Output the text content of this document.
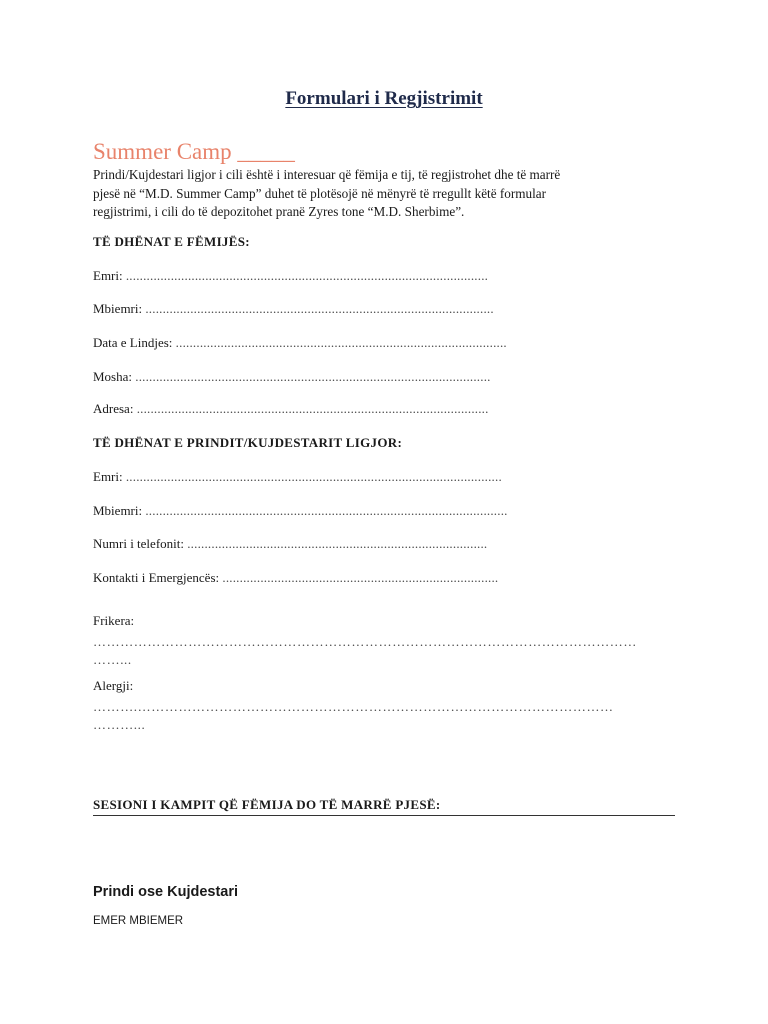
Formulari i Regjistrimit
Summer Camp _____
Prindi/Kujdestari ligjor i cili është i interesuar që fëmija e tij, të regjistrohet dhe të marrë
pjesë në “M.D. Summer Camp” duhet të plotësojë në mënyrë të rregullt këtë formular
regjistrimi, i cili do të depozitohet pranë Zyres tone “M.D. Sherbime”.
TË DHËNAT E FËMIJËS:
Emri: .........................................................................................................
Mbiemri: .....................................................................................................
Data e Lindjes: ................................................................................................
Mosha: .......................................................................................................
Adresa: ......................................................................................................
TË DHËNAT E PRINDIT/KUJDESTARIT LIGJOR:
Emri: .............................................................................................................
Mbiemri: .........................................................................................................
Numri i telefonit: .......................................................................................
Kontakti i Emergjencës: ................................................................................
Frikera:
…………………………………………………………………………………………………………
……...
Alergji:
……….……………………………………………………………………………………………
………...
SESIONI I KAMPIT QË FËMIJA DO TË MARRË PJESË:
Prindi ose Kujdestari
EMER MBIEMER
